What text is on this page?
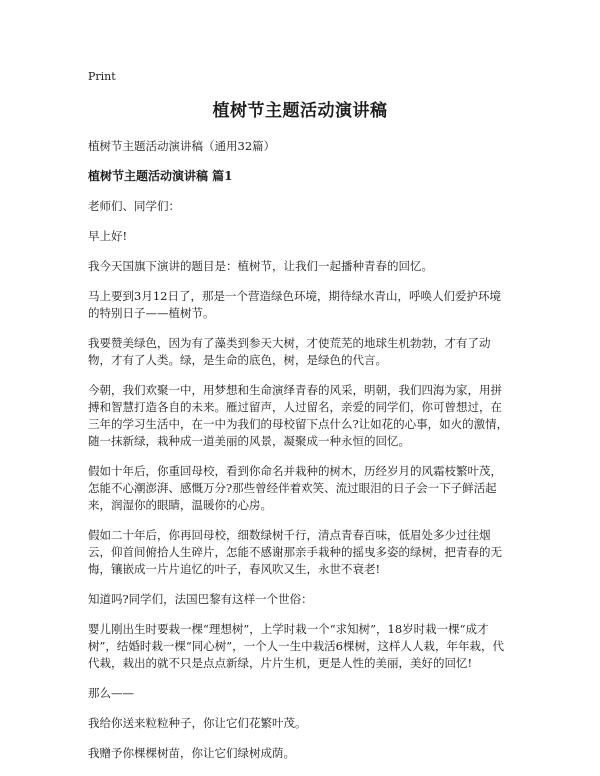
Print
植树节主题活动演讲稿
植树节主题活动演讲稿（通用32篇）
植树节主题活动演讲稿 篇1
老师们、同学们：
早上好!
我今天国旗下演讲的题目是：植树节，让我们一起播种青春的回忆。
马上要到3月12日了，那是一个营造绿色环境，期待绿水青山，呼唤人们爱护环境的特别日子——植树节。
我要赞美绿色，因为有了藻类到参天大树，才使荒芜的地球生机勃勃，才有了动物，才有了人类。绿，是生命的底色，树，是绿色的代言。
今朝，我们欢聚一中，用梦想和生命演绎青春的风采，明朝，我们四海为家，用拼搏和智慧打造各自的未来。雁过留声，人过留名，亲爱的同学们，你可曾想过，在三年的学习生活中，在一中为我们的母校留下点什么?让如花的心事，如火的激情，随一抹新绿，栽种成一道美丽的风景，凝聚成一种永恒的回忆。
假如十年后，你重回母校，看到你命名并栽种的树木，历经岁月的风霜枝繁叶茂，怎能不心潮澎湃、感慨万分?那些曾经伴着欢笑、流过眼泪的日子会一下子鲜活起来，润湿你的眼睛，温暖你的心房。
假如二十年后，你再回母校，细数绿树千行，清点青春百味，低眉处多少过往烟云，仰首间俯拾人生碎片，怎能不感谢那亲手栽种的摇曳多姿的绿树，把青春的无悔，镶嵌成一片片追忆的叶子，春风吹又生，永世不衰老!
知道吗?同学们，法国巴黎有这样一个世俗：
婴儿刚出生时要栽一棵“理想树”，上学时栽一个“求知树”，18岁时栽一棵“成才树”，结婚时栽一棵“同心树”，一个人一生中栽活6棵树，这样人人栽，年年栽，代代栽，栽出的就不只是点点新绿，片片生机，更是人性的美丽，美好的回忆!
那么——
我给你送来粒粒种子，你让它们花繁叶茂。
我赠予你棵棵树苗，你让它们绿树成荫。
